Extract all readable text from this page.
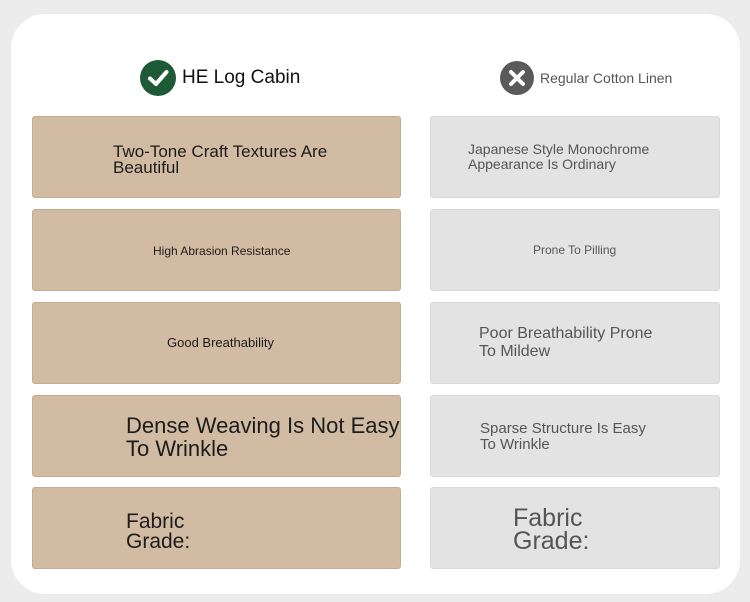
HE Log Cabin	Regular Cotton Linen
Two-Tone Craft Textures Are Beautiful
Japanese Style Monochrome Appearance Is Ordinary
High Abrasion Resistance	Prone To Pilling
Good Breathability
Poor Breathability Prone To Mildew
Dense Weaving Is Not Easy To Wrinkle
Sparse Structure Is Easy To Wrinkle
Fabric Grade:
Fabric Grade:
